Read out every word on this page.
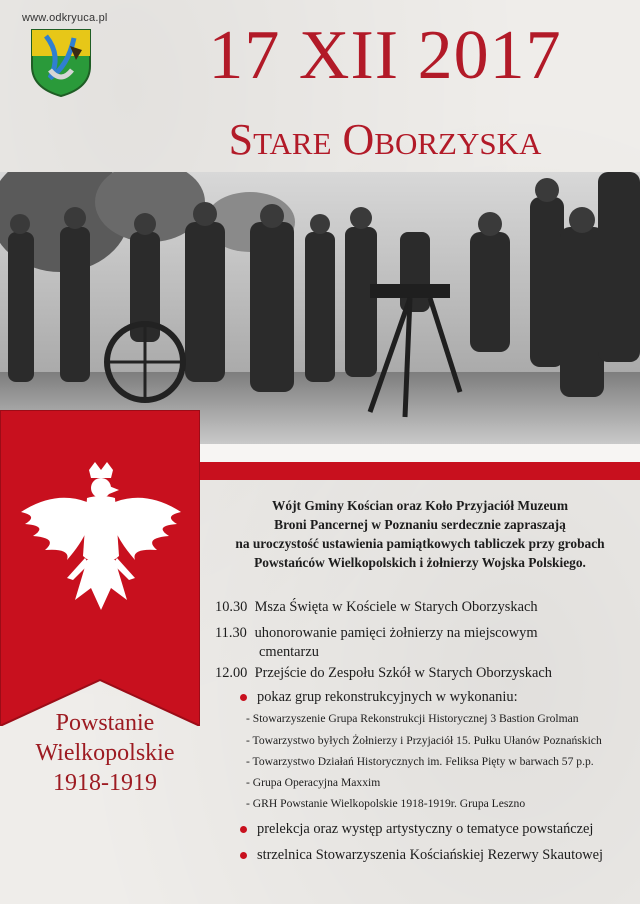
www.odkryuca.pl	17 XII 2017
Stare Oborzyska
Powstanie
Wielkopolskie
1918-1919
Wójt Gminy Kościan oraz Koło Przyjaciół Muzeum
Broni Pancernej w Poznaniu serdecznie zapraszają
na uroczystość ustawienia pamiątkowych tabliczek przy grobach
Powstańców Wielkopolskich i żołnierzy Wojska Polskiego.
10.30 Msza Święta w Kościele w Starych Oborzyskach
11.30 uhonorowanie pamięci żołnierzy na miejscowym
cmentarzu
12.00 Przejście do Zespołu Szkół w Starych Oborzyskach
pokaz grup rekonstrukcyjnych w wykonaniu:
- Stowarzyszenie Grupa Rekonstrukcji Historycznej 3 Bastion Grolman
- Towarzystwo byłych Żołnierzy i Przyjaciół 15. Pułku Ułanów Poznańskich
- Towarzystwo Działań Historycznych im. Feliksa Pięty w barwach 57 p.p.
- Grupa Operacyjna Maxxim
- GRH Powstanie Wielkopolskie 1918-1919r. Grupa Leszno
prelekcja oraz występ artystyczny o tematyce powstańczej
strzelnica Stowarzyszenia Kościańskiej Rezerwy Skautowej
